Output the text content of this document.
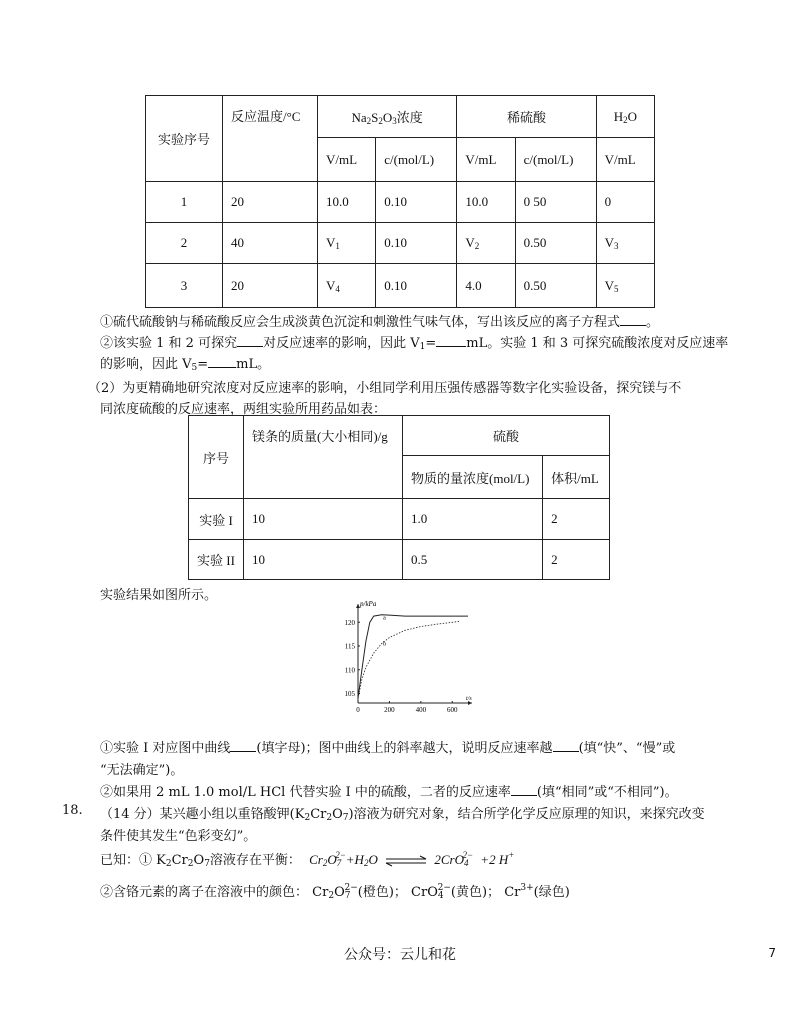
实验序号	反应温度/°C	$Na_2S_2O_3$浓度		稀硫酸		$H_2O$
		V/mL	c/(mol/L)	V/mL	c/(mol/L)	V/mL
1	20	10.0	0.10	10.0	0 50	0
2	40	$V_1$	0.10	$V_2$	0.50	$V_3$
3	20	$V_4$	0.10	4.0	0.50	$V_5$
①硫代硫酸钠与稀硫酸反应会生成淡黄色沉淀和刺激性气味气体，写出该反应的离子方程式 。
②该实验 1 和 2 可探究 对反应速率的影响，因此 $V_1=$ mL。实验 1 和 3 可探究硫酸浓度对反应速率
的影响，因此 $V_5=$ mL。
（2）为更精确地研究浓度对反应速率的影响，小组同学利用压强传感器等数字化实验设备，探究镁与不
同浓度硫酸的反应速率，两组实验所用药品如表：
序号	镁条的质量(大小相同)/g	硫酸	
		物质的量浓度(mol/L)	体积/mL
实验 I	10	1.0	2
实验 II	10	0.5	2
实验结果如图所示。
0	200	400	600
105
110
115
120
p/kPa
t/s
a
b
①实验 I 对应图中曲线 (填字母)；图中曲线上的斜率越大，说明反应速率越 (填“快”、“慢”或
“无法确定”)。
②如果用 2 mL 1.0 mol/L HCl 代替实验 I 中的硫酸，二者的反应速率 (填“相同”或“不相同”)。
18. （14 分）某兴趣小组以重铬酸钾$(K_2Cr_2O_7)$溶液为研究对象，结合所学化学反应原理的知识，来探究改变
条件使其发生“色彩变幻”。
已知：① $K_2Cr_2O_7$溶液存在平衡： $Cr_2O_7^{2-}+H_2O$ ⇌ 2CrO$_4^{2-}$ +2 H+
②含铬元素的离子在溶液中的颜色： $Cr_2O_7^{2-}$(橙色)； CrO$_4^{2-}$(黄色)； $Cr^{3+}$(绿色)
公众号：云儿和花	7
